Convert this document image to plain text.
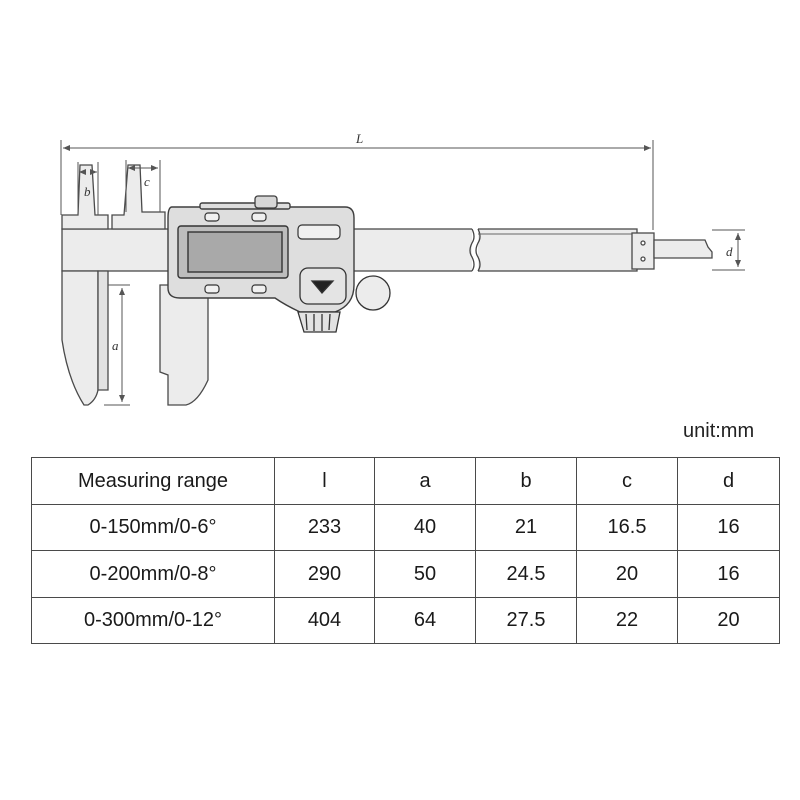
L
b
c
a
d
unit:mm
Measuring range	l	a	b	c	d
0-150mm/0-6°	233	40	21	16.5	16
0-200mm/0-8°	290	50	24.5	20	16
0-300mm/0-12°	404	64	27.5	22	20
